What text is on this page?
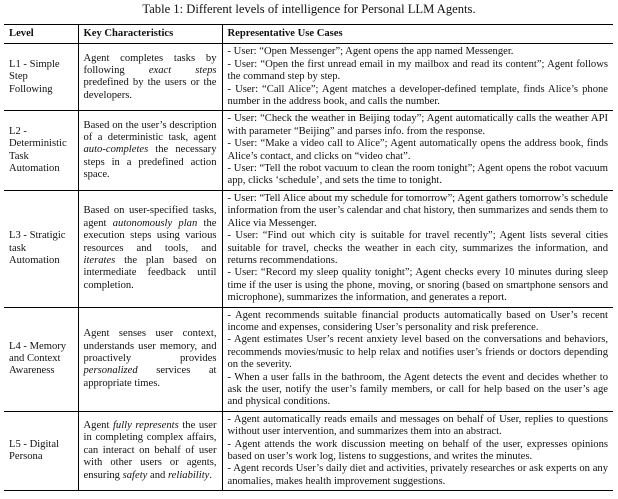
Table 1: Different levels of intelligence for Personal LLM Agents.
Level	Key Characteristics	Representative Use Cases
L1 - Simple Step Following	Agent completes tasks by following exact steps predefined by the users or the developers.	- User: “Open Messenger”; Agent opens the app named Messenger.
- User: “Open the first unread email in my mailbox and read its content”; Agent follows the command step by step.
- User: “Call Alice”; Agent matches a developer-defined template, finds Alice’s phone number in the address book, and calls the number.

L2 - Deterministic Task Automation	Based on the user’s description of a deterministic task, agent auto-completes the necessary steps in a predefined action space.	- User: “Check the weather in Beijing today”; Agent automatically calls the weather API with parameter “Beijing” and parses info. from the response.
- User: “Make a video call to Alice”; Agent automatically opens the address book, finds Alice’s contact, and clicks on “video chat”.
- User: “Tell the robot vacuum to clean the room tonight”; Agent opens the robot vacuum app, clicks ‘schedule’, and sets the time to tonight.

L3 - Stratigic task Automation	Based on user-specified tasks, agent autonomously plan the execution steps using various resources and tools, and iterates the plan based on intermediate feedback until completion.	- User: “Tell Alice about my schedule for tomorrow”; Agent gathers tomorrow’s schedule information from the user’s calendar and chat history, then summarizes and sends them to Alice via Messenger.
- User: “Find out which city is suitable for travel recently”; Agent lists several cities suitable for travel, checks the weather in each city, summarizes the information, and returns recommendations.
- User: “Record my sleep quality tonight”; Agent checks every 10 minutes during sleep time if the user is using the phone, moving, or snoring (based on smartphone sensors and microphone), summarizes the information, and generates a report.

L4 - Memory and Context Awareness	Agent senses user context, understands user memory, and proactively provides personalized services at appropriate times.	- Agent recommends suitable financial products automatically based on User’s recent income and expenses, considering User’s personality and risk preference.
- Agent estimates User’s recent anxiety level based on the conversations and behaviors, recommends movies/music to help relax and notifies user’s friends or doctors depending on the severity.
- When a user falls in the bathroom, the Agent detects the event and decides whether to ask the user, notify the user’s family members, or call for help based on the user’s age and physical conditions.

L5 - Digital Persona	Agent fully represents the user in completing complex affairs, can interact on behalf of user with other users or agents, ensuring safety and reliability.	- Agent automatically reads emails and messages on behalf of User, replies to questions without user intervention, and summarizes them into an abstract.
- Agent attends the work discussion meeting on behalf of the user, expresses opinions based on user’s work log, listens to suggestions, and writes the minutes.
- Agent records User’s daily diet and activities, privately researches or ask experts on any anomalies, makes health improvement suggestions.
